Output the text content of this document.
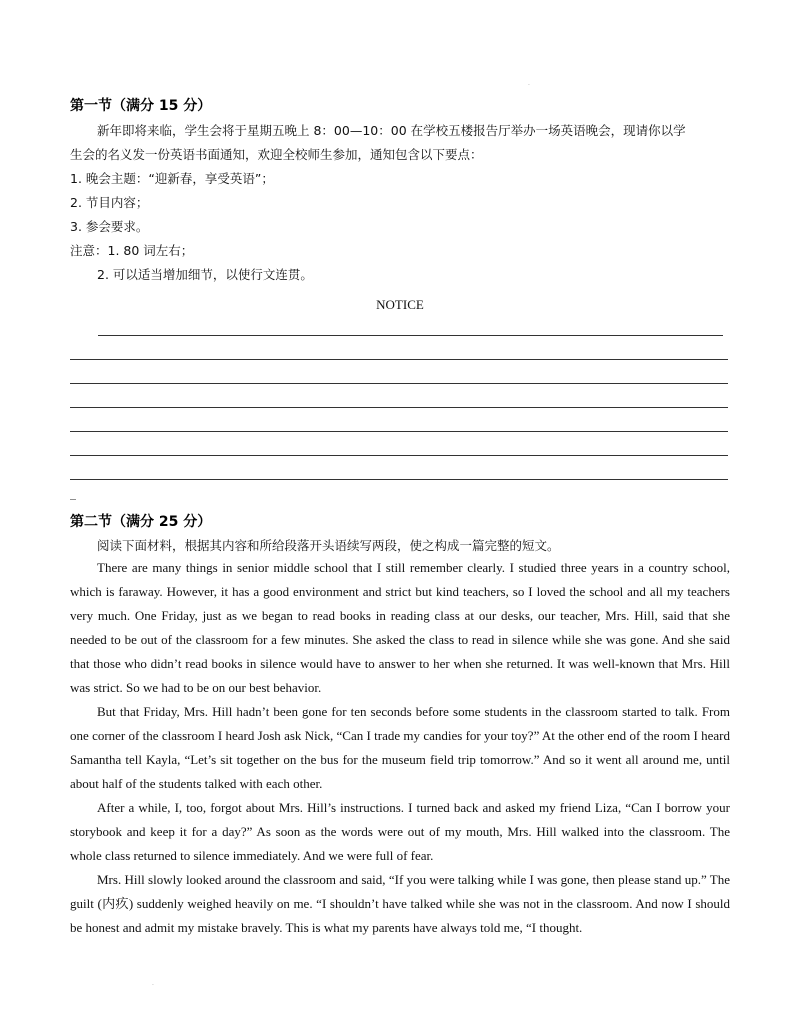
·
第一节（满分 15 分）
新年即将来临，学生会将于星期五晚上 8：00—10：00 在学校五楼报告厅举办一场英语晚会，现请你以学
生会的名义发一份英语书面通知，欢迎全校师生参加，通知包含以下要点：
1. 晚会主题：“迎新春，享受英语”；
2. 节目内容；
3. 参会要求。
注意：1. 80 词左右；
2. 可以适当增加细节，以使行文连贯。
NOTICE
_
第二节（满分 25 分）
阅读下面材料，根据其内容和所给段落开头语续写两段，使之构成一篇完整的短文。

There are many things in senior middle school that I still remember clearly. I studied three years in a country school, which is faraway. However, it has a good environment and strict but kind teachers, so I loved the school and all my teachers very much. One Friday, just as we began to read books in reading class at our desks, our teacher, Mrs. Hill, said that she needed to be out of the classroom for a few minutes. She asked the class to read in silence while she was gone. And she said that those who didn’t read books in silence would have to answer to her when she returned. It was well-known that Mrs. Hill was strict. So we had to be on our best behavior.

But that Friday, Mrs. Hill hadn’t been gone for ten seconds before some students in the classroom started to talk. From one corner of the classroom I heard Josh ask Nick, “Can I trade my candies for your toy?” At the other end of the room I heard Samantha tell Kayla, “Let’s sit together on the bus for the museum field trip tomorrow.” And so it went all around me, until about half of the students talked with each other.

After a while, I, too, forgot about Mrs. Hill’s instructions. I turned back and asked my friend Liza, “Can I borrow your storybook and keep it for a day?” As soon as the words were out of my mouth, Mrs. Hill walked into the classroom. The whole class returned to silence immediately. And we were full of fear.

Mrs. Hill slowly looked around the classroom and said, “If you were talking while I was gone, then please stand up.” The guilt (内疚) suddenly weighed heavily on me. “I shouldn’t have talked while she was not in the classroom. And now I should be honest and admit my mistake bravely. This is what my parents have always told me, “I thought.

·
